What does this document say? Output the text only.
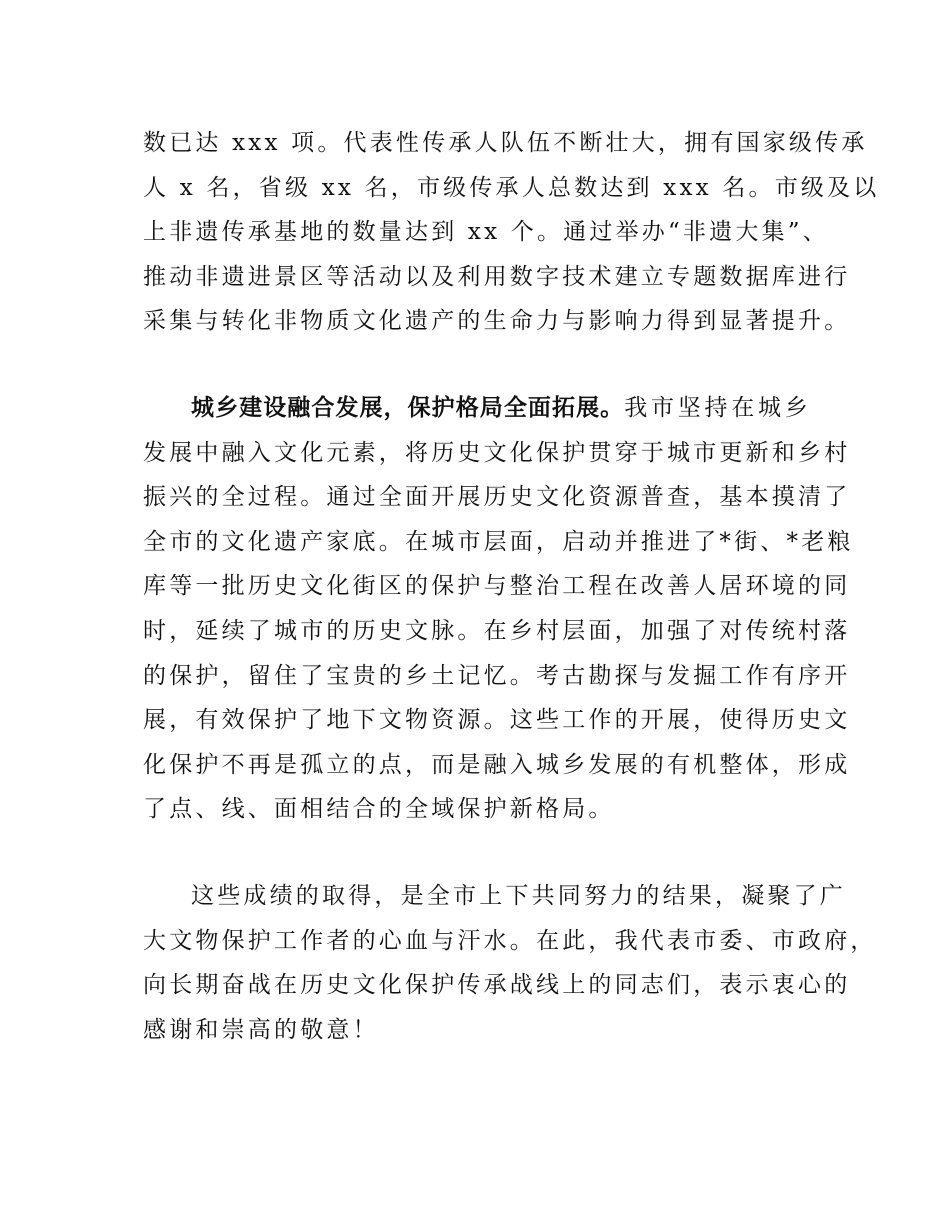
数已达 xxx 项。代表性传承人队伍不断壮大，拥有国家级传承
人 x 名，省级 xx 名，市级传承人总数达到 xxx 名。市级及以
上非遗传承基地的数量达到 xx 个。通过举办“非遗大集”、
推动非遗进景区等活动以及利用数字技术建立专题数据库进行
采集与转化非物质文化遗产的生命力与影响力得到显著提升。

城乡建设融合发展，保护格局全面拓展。我市坚持在城乡
发展中融入文化元素，将历史文化保护贯穿于城市更新和乡村
振兴的全过程。通过全面开展历史文化资源普查，基本摸清了
全市的文化遗产家底。在城市层面，启动并推进了*街、*老粮
库等一批历史文化街区的保护与整治工程在改善人居环境的同
时，延续了城市的历史文脉。在乡村层面，加强了对传统村落
的保护，留住了宝贵的乡土记忆。考古勘探与发掘工作有序开
展，有效保护了地下文物资源。这些工作的开展，使得历史文
化保护不再是孤立的点，而是融入城乡发展的有机整体，形成
了点、线、面相结合的全域保护新格局。

这些成绩的取得，是全市上下共同努力的结果，凝聚了广
大文物保护工作者的心血与汗水。在此，我代表市委、市政府，
向长期奋战在历史文化保护传承战线上的同志们，表示衷心的
感谢和崇高的敬意！
